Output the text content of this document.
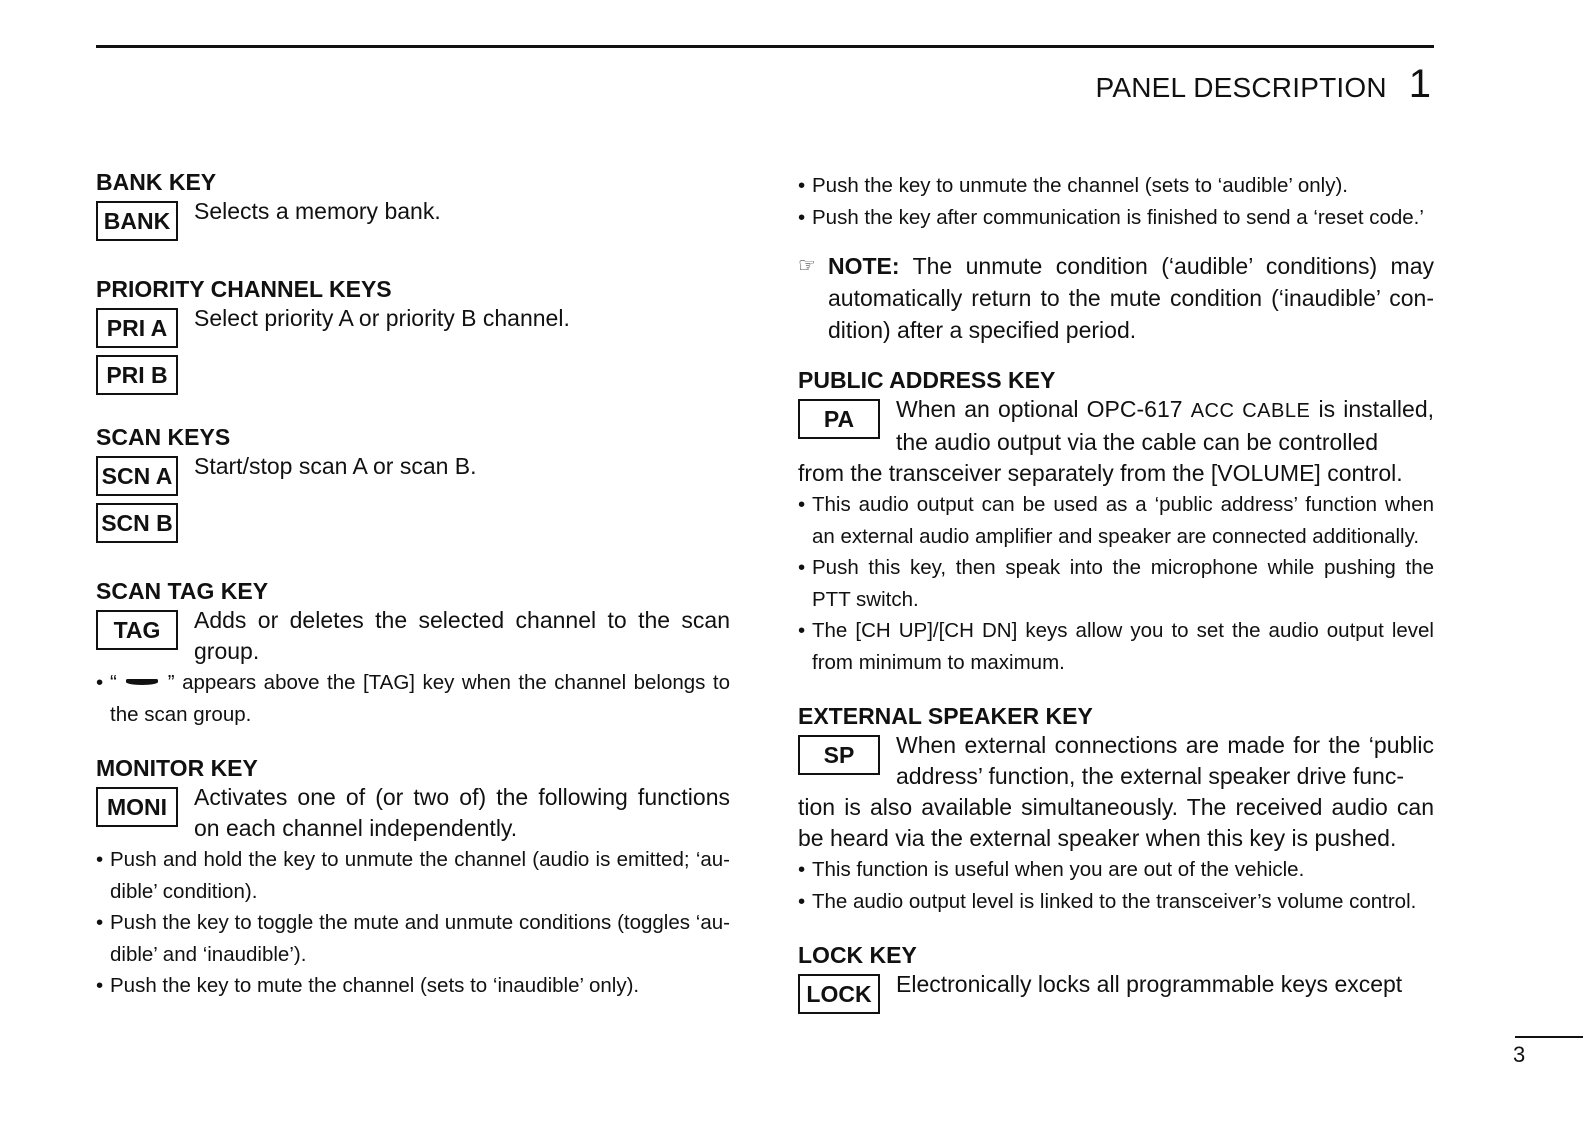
PANEL DESCRIPTION 1
BANK KEY
BANK	Selects a memory bank.
PRIORITY CHANNEL KEYS
PRI A
PRI B
Select priority A or priority B channel.
SCAN KEYS
SCN A
SCN B
Start/stop scan A or scan B.
SCAN TAG KEY
TAG	Adds or deletes the selected channel to the scan group.
• “ ” appears above the [TAG] key when the channel belongs to the scan group.
MONITOR KEY
MONI	Activates one of (or two of) the following functions on each channel independently.
• Push and hold the key to unmute the channel (audio is emitted; ‘au-dible’ condition).
• Push the key to toggle the mute and unmute conditions (toggles ‘au-dible’ and ‘inaudible’).
• Push the key to mute the channel (sets to ‘inaudible’ only).
• Push the key to unmute the channel (sets to ‘audible’ only).
• Push the key after communication is finished to send a ‘reset code.’
☞ NOTE: The unmute condition (‘audible’ conditions) may automatically return to the mute condition (‘inaudible’ con-dition) after a specified period.
PUBLIC ADDRESS KEY
PA	When an optional OPC-617 ACC CABLE is installed, the audio output via the cable can be controlled

from the transceiver separately from the [VOLUME] control.

• This audio output can be used as a ‘public address’ function when an external audio amplifier and speaker are connected additionally.
• Push this key, then speak into the microphone while pushing the PTT switch.
• The [CH UP]/[CH DN] keys allow you to set the audio output level from minimum to maximum.
EXTERNAL SPEAKER KEY
SP	When external connections are made for the ‘public address’ function, the external speaker drive func-

tion is also available simultaneously. The received audio can be heard via the external speaker when this key is pushed.

• This function is useful when you are out of the vehicle.
• The audio output level is linked to the transceiver’s volume control.
LOCK KEY
LOCK	Electronically locks all programmable keys except
3
